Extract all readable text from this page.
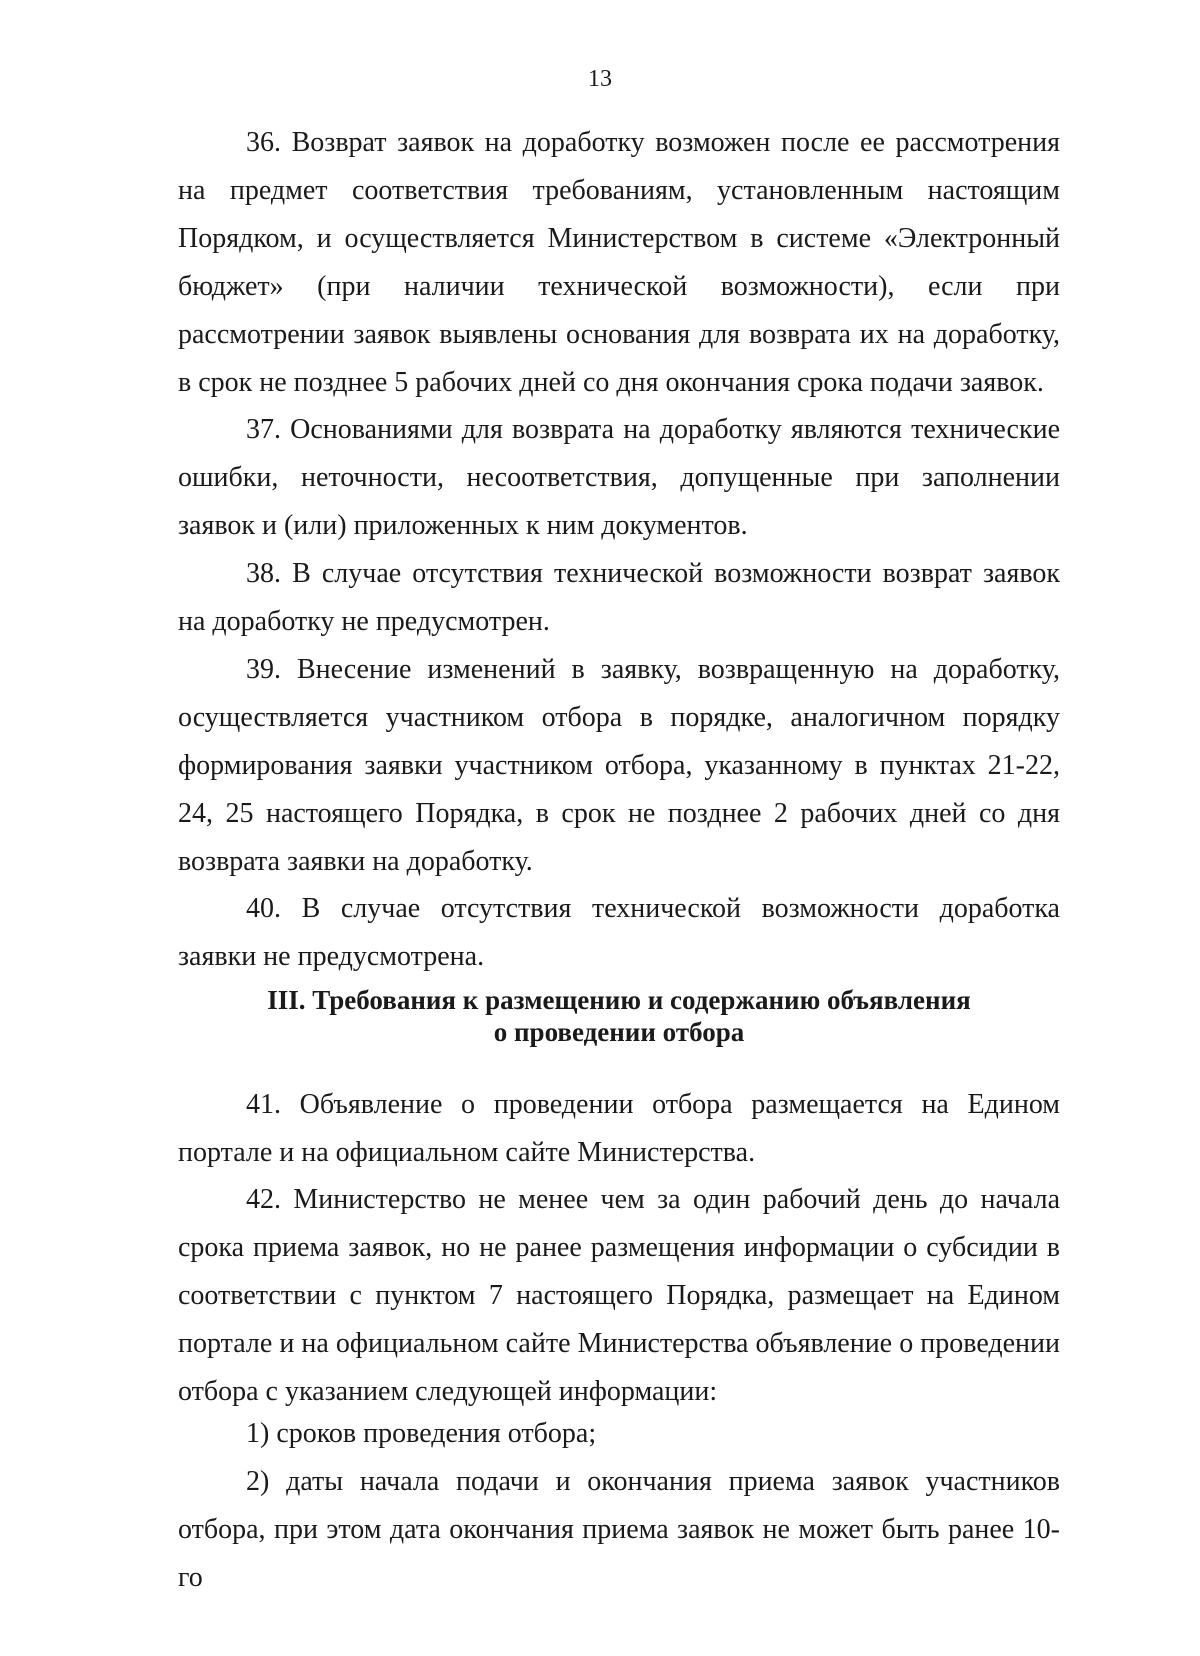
13

36. Возврат заявок на доработку возможен после ее рассмотрения на предмет соответствия требованиям, установленным настоящим Порядком, и осуществляется Министерством в системе «Электронный бюджет» (при наличии технической возможности), если при рассмотрении заявок выявлены основания для возврата их на доработку, в срок не позднее 5 рабочих дней со дня окончания срока подачи заявок.

37. Основаниями для возврата на доработку являются технические ошибки, неточности, несоответствия, допущенные при заполнении заявок и (или) приложенных к ним документов.

38. В случае отсутствия технической возможности возврат заявок на доработку не предусмотрен.

39. Внесение изменений в заявку, возвращенную на доработку, осуществляется участником отбора в порядке, аналогичном порядку формирования заявки участником отбора, указанному в пунктах 21-22, 24, 25 настоящего Порядка, в срок не позднее 2 рабочих дней со дня возврата заявки на доработку.

40. В случае отсутствия технической возможности доработка заявки не предусмотрена.

III. Требования к размещению и содержанию объявления

о проведении отбора

41. Объявление о проведении отбора размещается на Едином портале и на официальном сайте Министерства.

42. Министерство не менее чем за один рабочий день до начала срока приема заявок, но не ранее размещения информации о субсидии в соответствии с пунктом 7 настоящего Порядка, размещает на Едином портале и на официальном сайте Министерства объявление о проведении отбора с указанием следующей информации:

1) сроков проведения отбора;

2) даты начала подачи и окончания приема заявок участников отбора, при этом дата окончания приема заявок не может быть ранее 10-го
